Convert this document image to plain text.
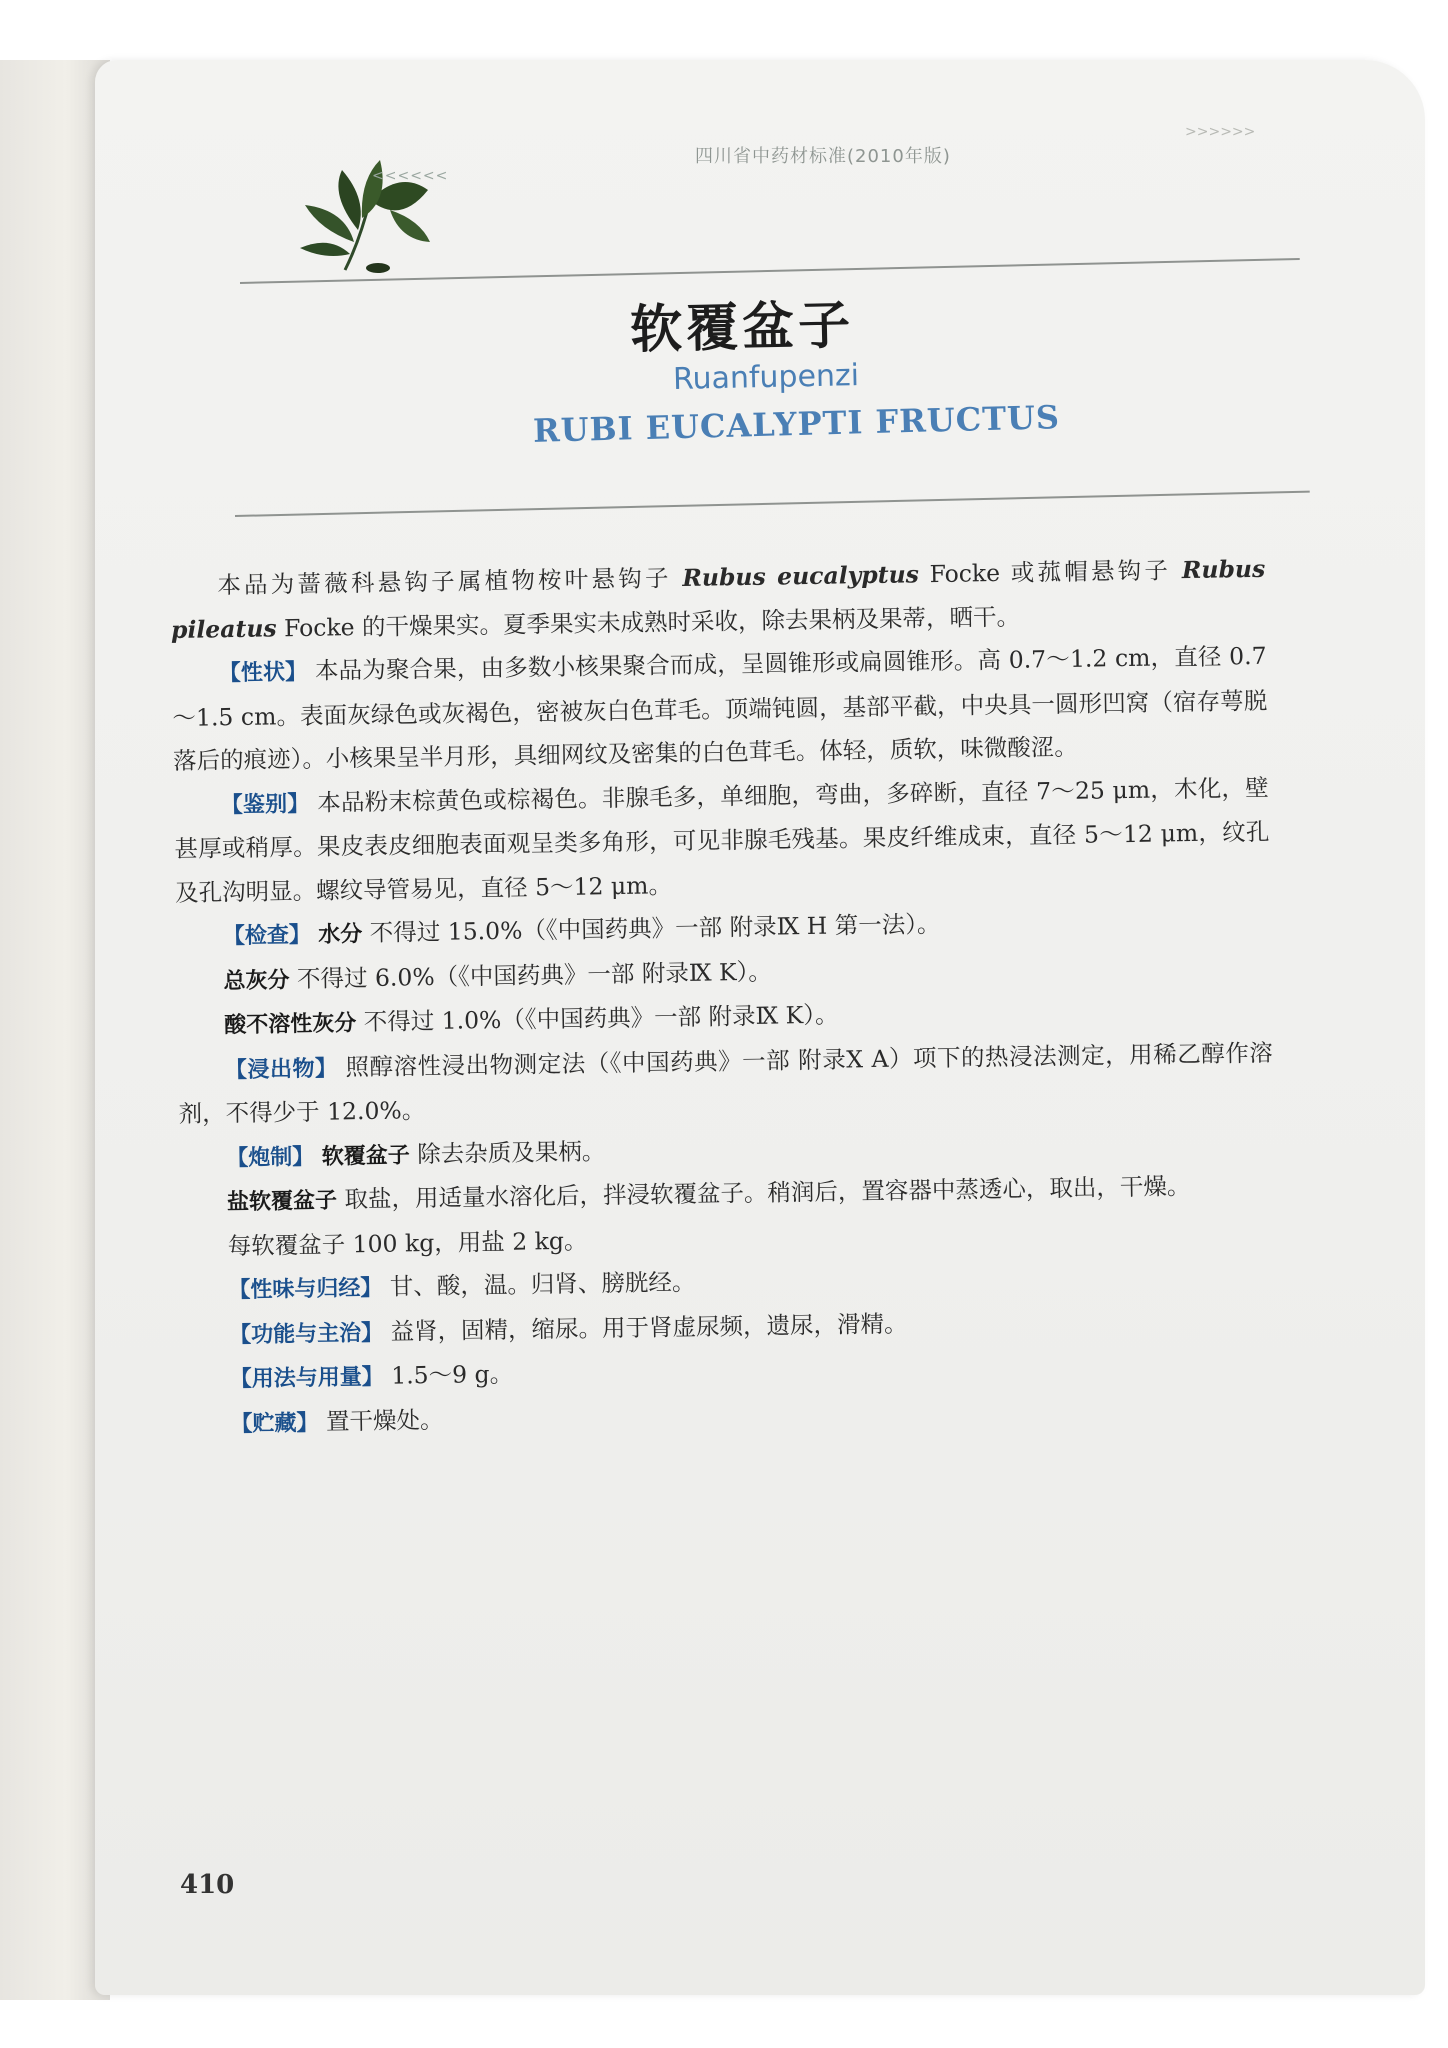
<<<<<<
四川省中药材标准(2010年版)
>>>>>>
软覆盆子
Ruanfupenzi
RUBI EUCALYPTI FRUCTUS

本品为蔷薇科悬钩子属植物桉叶悬钩子 Rubus eucalyptus Focke 或菰帽悬钩子 Rubus pileatus Focke 的干燥果实。夏季果实未成熟时采收，除去果柄及果蒂，晒干。

【性状】 本品为聚合果，由多数小核果聚合而成，呈圆锥形或扁圆锥形。高 0.7～1.2 cm，直径 0.7～1.5 cm。表面灰绿色或灰褐色，密被灰白色茸毛。顶端钝圆，基部平截，中央具一圆形凹窝（宿存萼脱落后的痕迹）。小核果呈半月形，具细网纹及密集的白色茸毛。体轻，质软，味微酸涩。

【鉴别】 本品粉末棕黄色或棕褐色。非腺毛多，单细胞，弯曲，多碎断，直径 7～25 μm，木化，壁甚厚或稍厚。果皮表皮细胞表面观呈类多角形，可见非腺毛残基。果皮纤维成束，直径 5～12 μm，纹孔及孔沟明显。螺纹导管易见，直径 5～12 μm。

【检查】 水分 不得过 15.0%（《中国药典》一部 附录Ⅸ H 第一法）。

总灰分 不得过 6.0%（《中国药典》一部 附录Ⅸ K）。

酸不溶性灰分 不得过 1.0%（《中国药典》一部 附录Ⅸ K）。

【浸出物】 照醇溶性浸出物测定法（《中国药典》一部 附录Ⅹ A）项下的热浸法测定，用稀乙醇作溶剂，不得少于 12.0%。

【炮制】 软覆盆子 除去杂质及果柄。

盐软覆盆子 取盐，用适量水溶化后，拌浸软覆盆子。稍润后，置容器中蒸透心，取出，干燥。

每软覆盆子 100 kg，用盐 2 kg。

【性味与归经】 甘、酸，温。归肾、膀胱经。

【功能与主治】 益肾，固精，缩尿。用于肾虚尿频，遗尿，滑精。

【用法与用量】 1.5～9 g。

【贮藏】 置干燥处。

410
